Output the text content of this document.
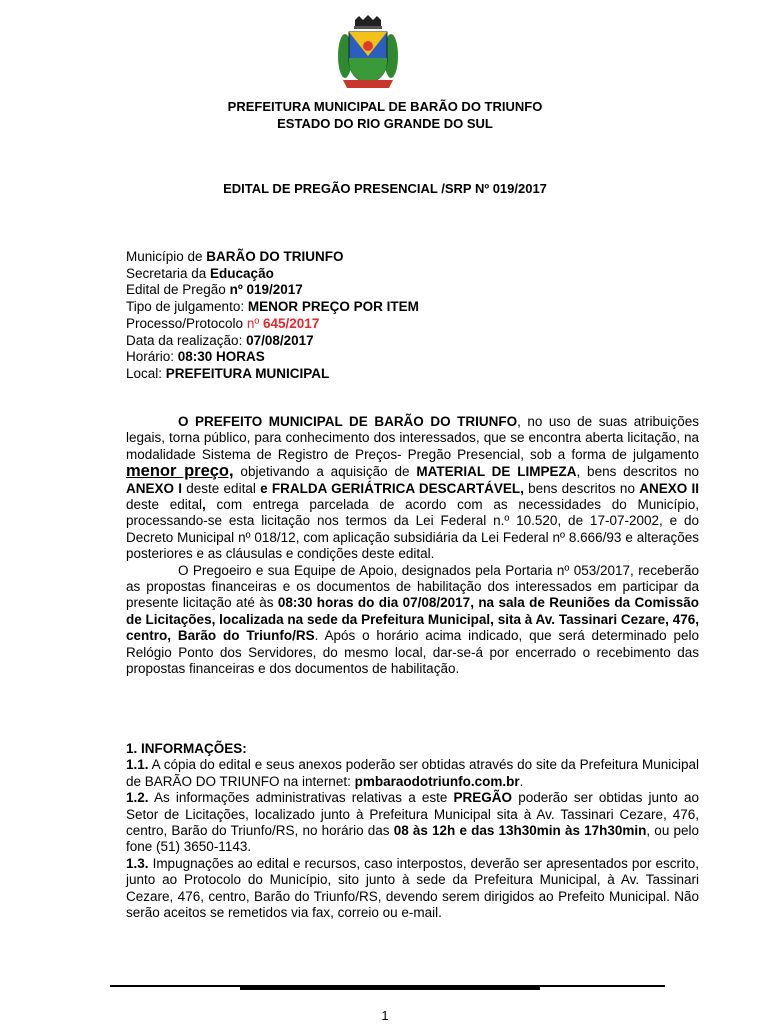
PREFEITURA MUNICIPAL DE BARÃO DO TRIUNFO
ESTADO DO RIO GRANDE DO SUL
EDITAL DE PREGÃO PRESENCIAL /SRP Nº 019/2017
Município de BARÃO DO TRIUNFO
Secretaria da Educação
Edital de Pregão nº 019/2017
Tipo de julgamento: MENOR PREÇO POR ITEM
Processo/Protocolo nº 645/2017
Data da realização: 07/08/2017
Horário: 08:30 HORAS
Local: PREFEITURA MUNICIPAL

O PREFEITO MUNICIPAL DE BARÃO DO TRIUNFO, no uso de suas atribuições legais, torna público, para conhecimento dos interessados, que se encontra aberta licitação, na modalidade Sistema de Registro de Preços- Pregão Presencial, sob a forma de julgamento menor preço, objetivando a aquisição de MATERIAL DE LIMPEZA, bens descritos no ANEXO I deste edital e FRALDA GERIÁTRICA DESCARTÁVEL, bens descritos no ANEXO II deste edital, com entrega parcelada de acordo com as necessidades do Município, processando-se esta licitação nos termos da Lei Federal n.º 10.520, de 17-07-2002, e do Decreto Municipal nº 018/12, com aplicação subsidiária da Lei Federal nº 8.666/93 e alterações posteriores e as cláusulas e condições deste edital.

O Pregoeiro e sua Equipe de Apoio, designados pela Portaria nº 053/2017, receberão as propostas financeiras e os documentos de habilitação dos interessados em participar da presente licitação até às 08:30 horas do dia 07/08/2017, na sala de Reuniões da Comissão de Licitações, localizada na sede da Prefeitura Municipal, sita à Av. Tassinari Cezare, 476, centro, Barão do Triunfo/RS. Após o horário acima indicado, que será determinado pelo Relógio Ponto dos Servidores, do mesmo local, dar-se-á por encerrado o recebimento das propostas financeiras e dos documentos de habilitação.

1. INFORMAÇÕES:

1.1. A cópia do edital e seus anexos poderão ser obtidas através do site da Prefeitura Municipal de BARÃO DO TRIUNFO na internet: pmbaraodotriunfo.com.br.

1.2. As informações administrativas relativas a este PREGÃO poderão ser obtidas junto ao Setor de Licitações, localizado junto à Prefeitura Municipal sita à Av. Tassinari Cezare, 476, centro, Barão do Triunfo/RS, no horário das 08 às 12h e das 13h30min às 17h30min, ou pelo fone (51) 3650-1143.

1.3. Impugnações ao edital e recursos, caso interpostos, deverão ser apresentados por escrito, junto ao Protocolo do Município, sito junto à sede da Prefeitura Municipal, à Av. Tassinari Cezare, 476, centro, Barão do Triunfo/RS, devendo serem dirigidos ao Prefeito Municipal. Não serão aceitos se remetidos via fax, correio ou e-mail.

1
